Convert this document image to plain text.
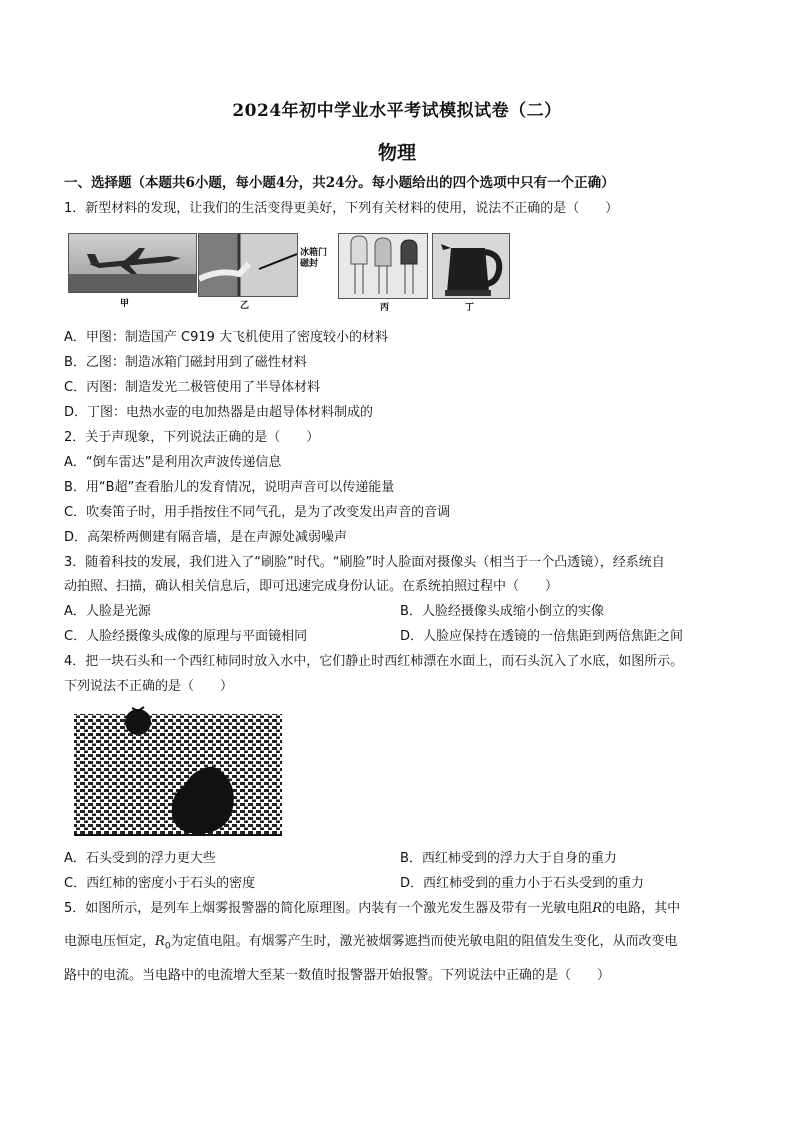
2024年初中学业水平考试模拟试卷（二）
物理
一、选择题（本题共6小题，每小题4分，共24分。每小题给出的四个选项中只有一个正确）
1．新型材料的发现，让我们的生活变得更美好，下列有关材料的使用，说法不正确的是（　　）
甲
冰箱门
磁封
乙	丙	丁
A．甲图：制造国产 C919 大飞机使用了密度较小的材料
B．乙图：制造冰箱门磁封用到了磁性材料
C．丙图：制造发光二极管使用了半导体材料
D．丁图：电热水壶的电加热器是由超导体材料制成的
2．关于声现象，下列说法正确的是（　　）
A．“倒车雷达”是利用次声波传递信息
B．用“B超”查看胎儿的发育情况，说明声音可以传递能量
C．吹奏笛子时，用手指按住不同气孔，是为了改变发出声音的音调
D．高架桥两侧建有隔音墙，是在声源处减弱噪声
3．随着科技的发展，我们进入了“刷脸”时代。“刷脸”时人脸面对摄像头（相当于一个凸透镜），经系统自
动拍照、扫描，确认相关信息后，即可迅速完成身份认证。在系统拍照过程中（　　）
A．人脸是光源	B．人脸经摄像头成缩小倒立的实像
C．人脸经摄像头成像的原理与平面镜相同	D．人脸应保持在透镜的一倍焦距到两倍焦距之间
4．把一块石头和一个西红柿同时放入水中，它们静止时西红柿漂在水面上，而石头沉入了水底，如图所示。
下列说法不正确的是（　　）
A．石头受到的浮力更大些	B．西红柿受到的浮力大于自身的重力
C．西红柿的密度小于石头的密度	D．西红柿受到的重力小于石头受到的重力
5．如图所示，是列车上烟雾报警器的简化原理图。内装有一个激光发生器及带有一光敏电阻R的电路，其中
电源电压恒定，$R_0$为定值电阻。有烟雾产生时，激光被烟雾遮挡而使光敏电阻的阻值发生变化，从而改变电
路中的电流。当电路中的电流增大至某一数值时报警器开始报警。下列说法中正确的是（　　）
